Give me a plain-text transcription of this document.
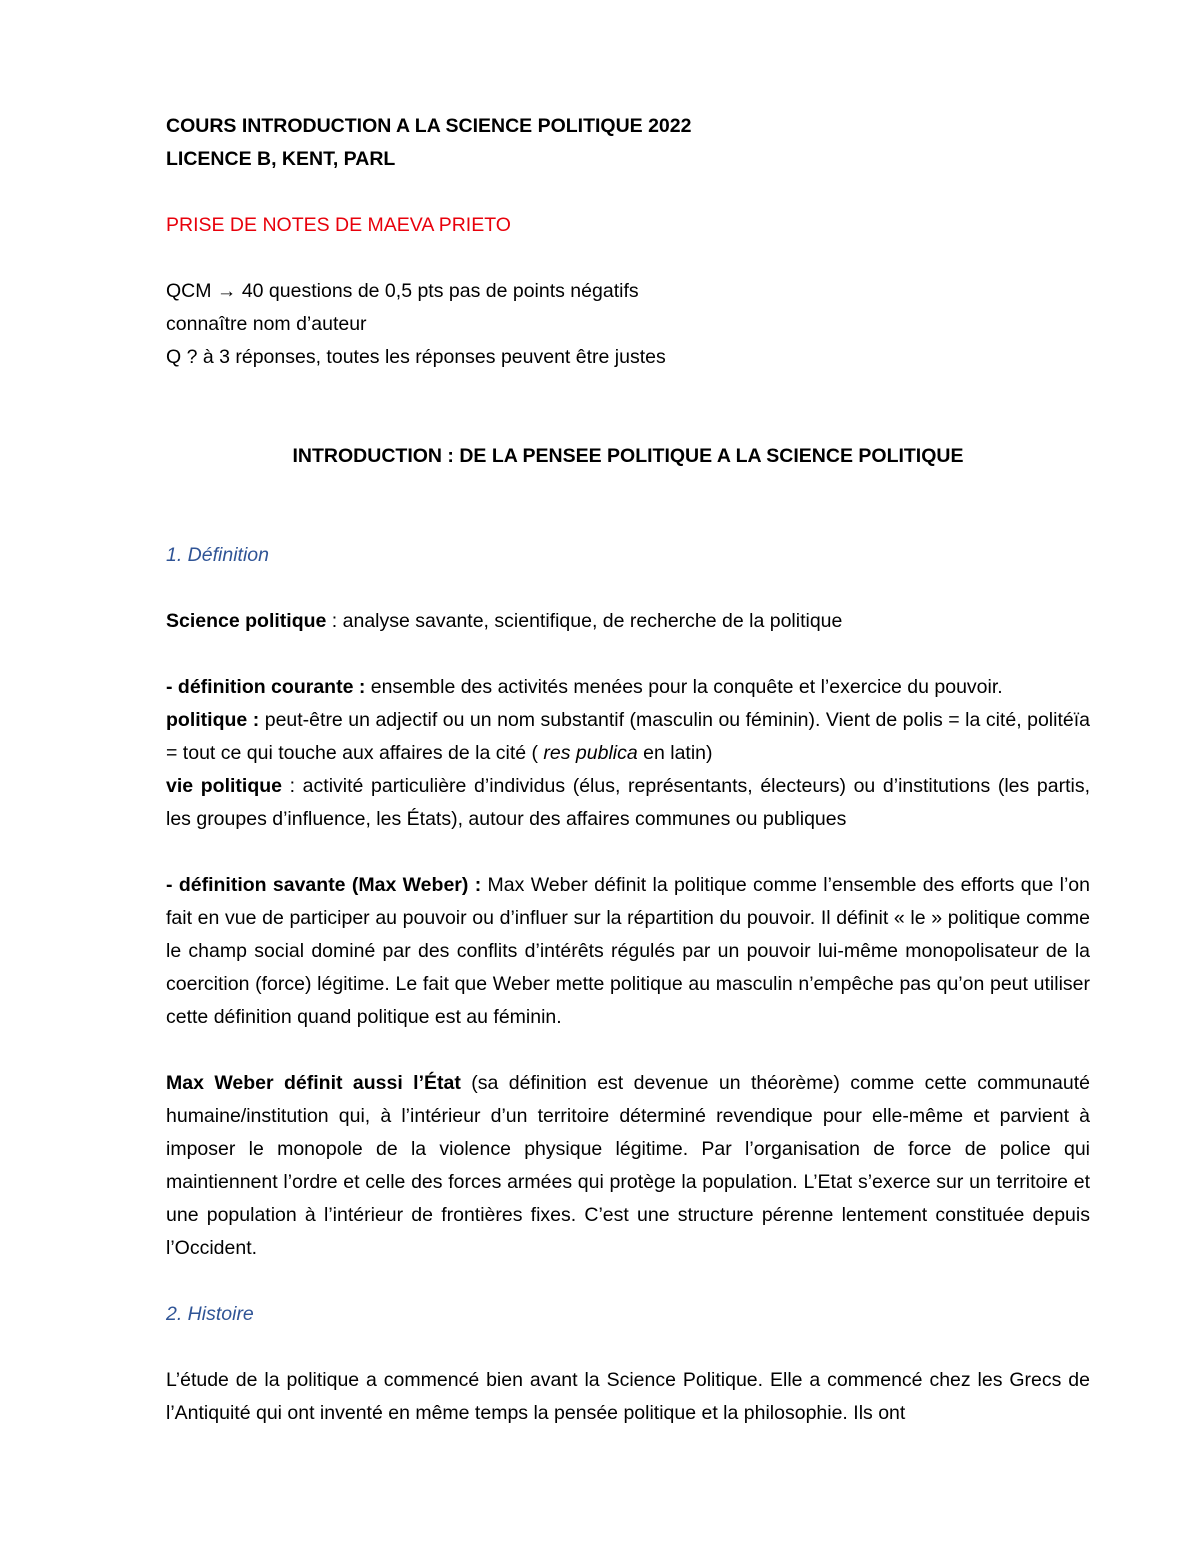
COURS INTRODUCTION A LA SCIENCE POLITIQUE 2022
LICENCE B, KENT, PARL
PRISE DE NOTES DE MAEVA PRIETO
QCM → 40 questions de 0,5 pts pas de points négatifs
connaître nom d’auteur
Q ? à 3 réponses, toutes les réponses peuvent être justes
INTRODUCTION : DE LA PENSEE POLITIQUE A LA SCIENCE POLITIQUE
1. Définition
Science politique : analyse savante, scientifique, de recherche de la politique
- définition courante : ensemble des activités menées pour la conquête et l’exercice du pouvoir.
politique : peut-être un adjectif ou un nom substantif (masculin ou féminin). Vient de polis = la cité, politéïa = tout ce qui touche aux affaires de la cité ( res publica en latin)
vie politique : activité particulière d’individus (élus, représentants, électeurs) ou d’institutions (les partis, les groupes d’influence, les États), autour des affaires communes ou publiques
- définition savante (Max Weber) : Max Weber définit la politique comme l’ensemble des efforts que l’on fait en vue de participer au pouvoir ou d’influer sur la répartition du pouvoir. Il définit « le » politique comme le champ social dominé par des conflits d’intérêts régulés par un pouvoir lui-même monopolisateur de la coercition (force) légitime. Le fait que Weber mette politique au masculin n’empêche pas qu’on peut utiliser cette définition quand politique est au féminin.
Max Weber définit aussi l’État (sa définition est devenue un théorème) comme cette communauté humaine/institution qui, à l’intérieur d’un territoire déterminé revendique pour elle-même et parvient à imposer le monopole de la violence physique légitime. Par l’organisation de force de police qui maintiennent l’ordre et celle des forces armées qui protège la population. L’Etat s’exerce sur un territoire et une population à l’intérieur de frontières fixes. C’est une structure pérenne lentement constituée depuis l’Occident.
2. Histoire
L’étude de la politique a commencé bien avant la Science Politique. Elle a commencé chez les Grecs de l’Antiquité qui ont inventé en même temps la pensée politique et la philosophie. Ils ont
